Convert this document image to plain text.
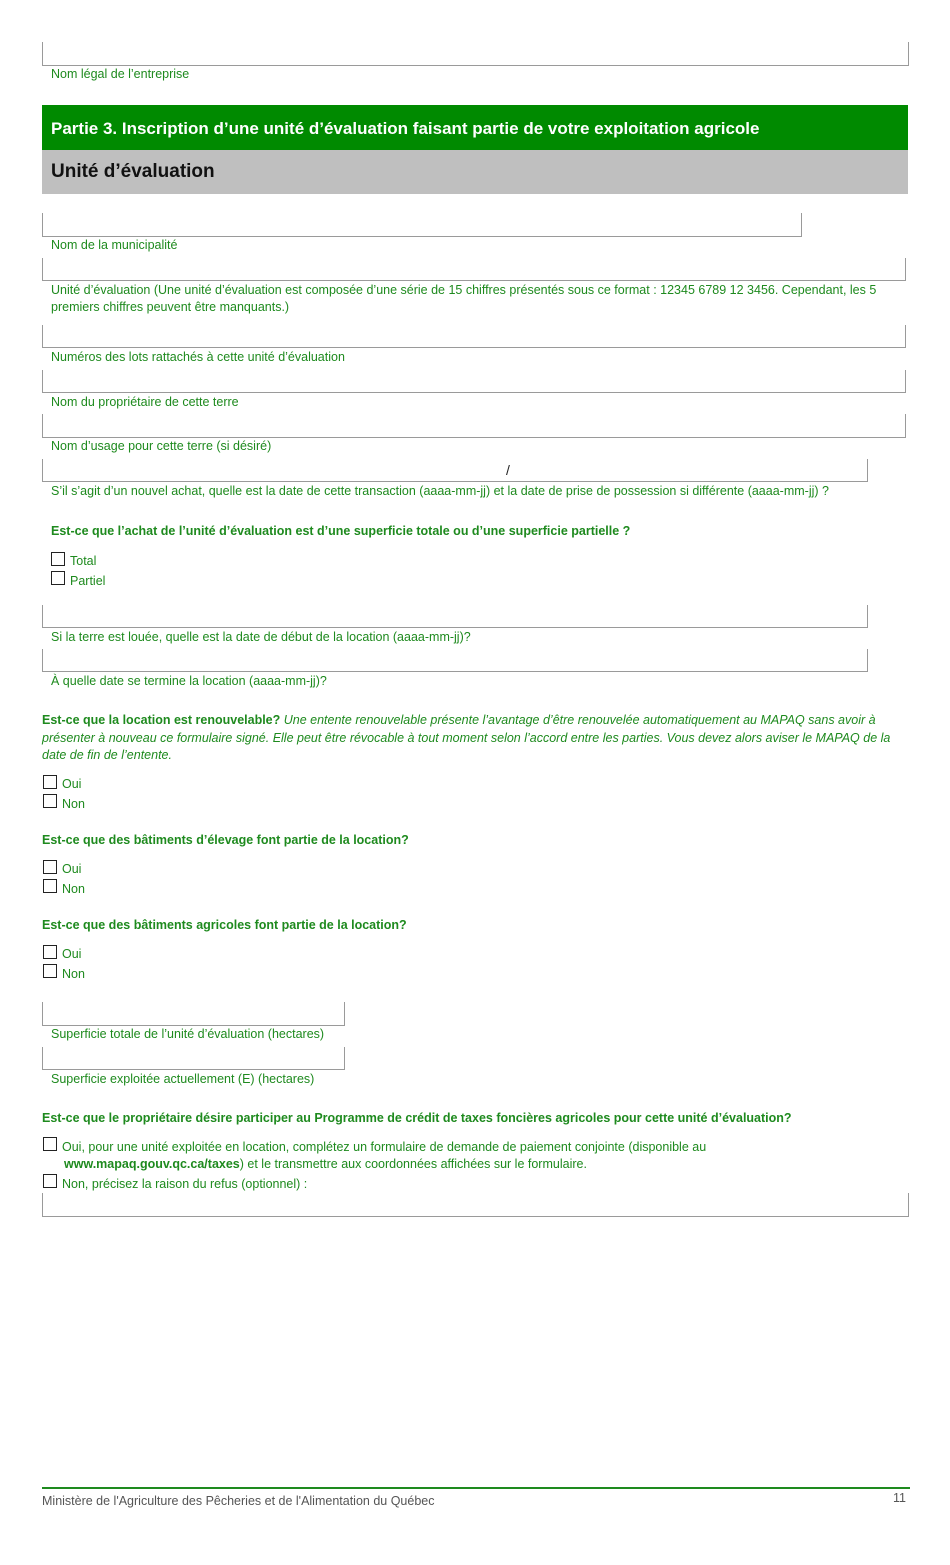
Nom légal de l’entreprise
Partie 3. Inscription d’une unité d’évaluation faisant partie de votre exploitation agricole
Unité d’évaluation
Nom de la municipalité
Unité d’évaluation (Une unité d’évaluation est composée d’une série de 15 chiffres présentés sous ce format : 12345 6789 12 3456. Cependant, les 5 premiers chiffres peuvent être manquants.)
Numéros des lots rattachés à cette unité d’évaluation
Nom du propriétaire de cette terre
Nom d’usage pour cette terre (si désiré)
/
S’il s’agit d’un nouvel achat, quelle est la date de cette transaction (aaaa-mm-jj) et la date de prise de possession si différente (aaaa-mm-jj) ?
Est-ce que l’achat de l’unité d’évaluation est d’une superficie totale ou d’une superficie partielle ?
Total
Partiel
Si la terre est louée, quelle est la date de début de la location (aaaa-mm-jj)?
À quelle date se termine la location (aaaa-mm-jj)?
Est-ce que la location est renouvelable? Une entente renouvelable présente l’avantage d’être renouvelée automatiquement au MAPAQ sans avoir à présenter à nouveau ce formulaire signé. Elle peut être révocable à tout moment selon l’accord entre les parties. Vous devez alors aviser le MAPAQ de la date de fin de l’entente.
Oui
Non
Est-ce que des bâtiments d’élevage font partie de la location?
Oui
Non
Est-ce que des bâtiments agricoles font partie de la location?
Oui
Non
Superficie totale de l’unité d’évaluation (hectares)
Superficie exploitée actuellement (E) (hectares)
Est-ce que le propriétaire désire participer au Programme de crédit de taxes foncières agricoles pour cette unité d’évaluation?
Oui, pour une unité exploitée en location, complétez un formulaire de demande de paiement conjointe (disponible au
www.mapaq.gouv.qc.ca/taxes) et le transmettre aux coordonnées affichées sur le formulaire.
Non, précisez la raison du refus (optionnel) :
Ministère de l'Agriculture des Pêcheries et de l'Alimentation du Québec	11
